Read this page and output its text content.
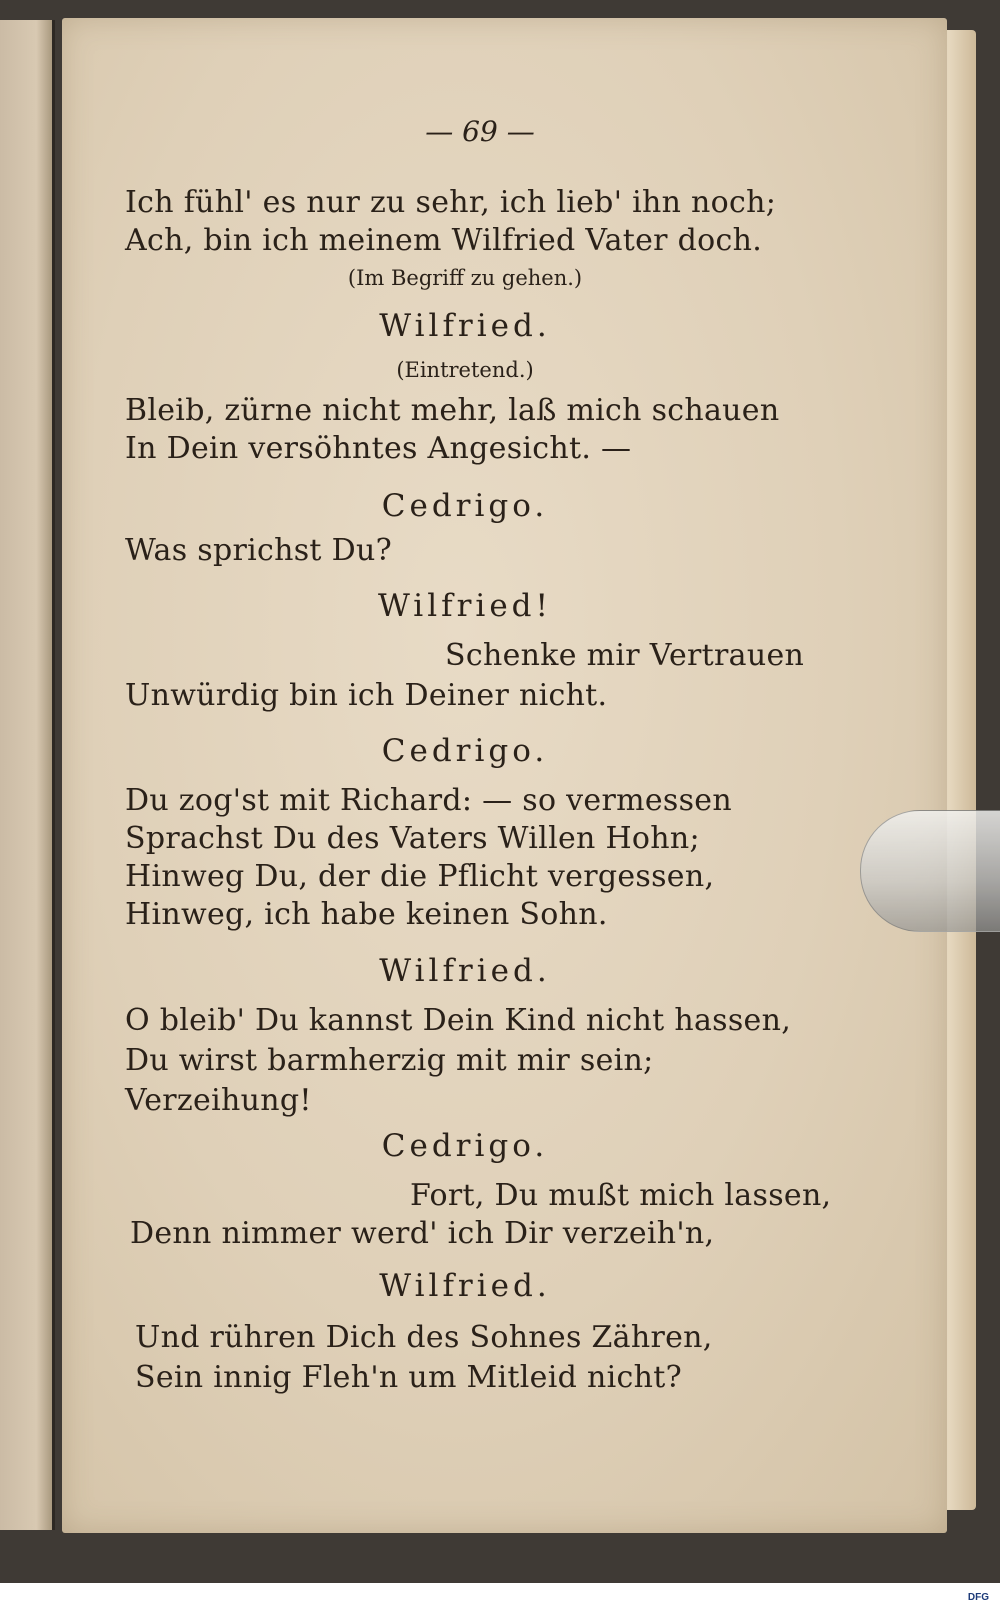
— 69 —
Ich fühl' es nur zu sehr, ich lieb' ihn noch;
Ach, bin ich meinem Wilfried Vater doch.
(Im Begriff zu gehen.)
Wilfried.
(Eintretend.)
Bleib, zürne nicht mehr, laß mich schauen
In Dein versöhntes Angesicht. —
Cedrigo.
Was sprichst Du?
Wilfried!
Schenke mir Vertrauen
Unwürdig bin ich Deiner nicht.
Cedrigo.
Du zog'st mit Richard: — so vermessen
Sprachst Du des Vaters Willen Hohn;
Hinweg Du, der die Pflicht vergessen,
Hinweg, ich habe keinen Sohn.
Wilfried.
O bleib' Du kannst Dein Kind nicht hassen,
Du wirst barmherzig mit mir sein;
Verzeihung!
Cedrigo.
Fort, Du mußt mich lassen,
Denn nimmer werd' ich Dir verzeih'n,
Wilfried.
Und rühren Dich des Sohnes Zähren,
Sein innig Fleh'n um Mitleid nicht?
Digitalisierung gefördert durch die Deutsche Forschungsgemeinschaft - DFG
